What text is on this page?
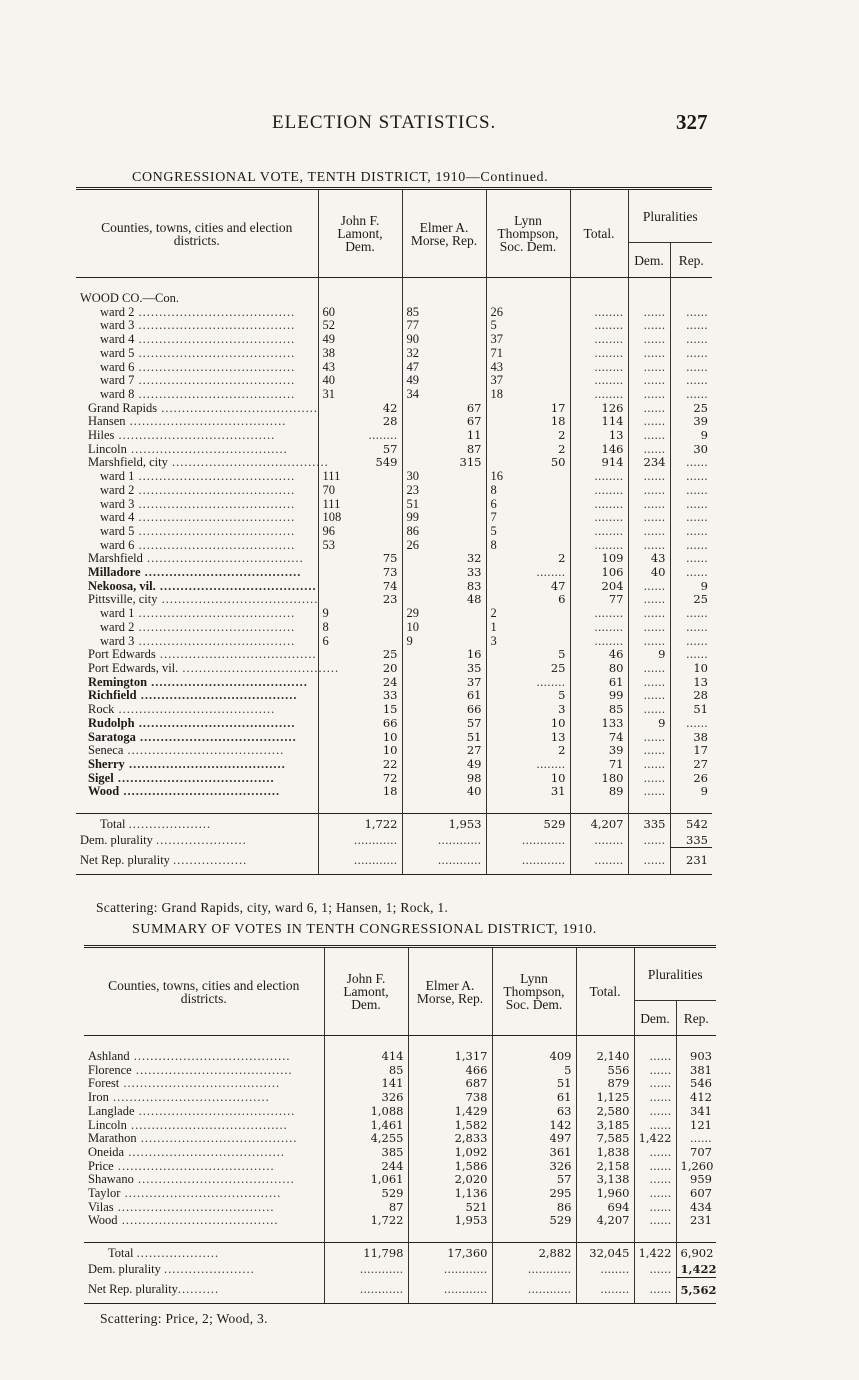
ELECTION STATISTICS.	327
CONGRESSIONAL VOTE, TENTH DISTRICT, 1910—Continued.
Counties, towns, cities and election districts.	John F. Lamont, Dem.	Elmer A. Morse, Rep.	Lynn Thompson, Soc. Dem.	Total.	Pluralities	
					Dem.	Rep.

WOOD CO.—Con.						
ward 2 ......................................	60	85	26	........	......	......
ward 3 ......................................	52	77	5	........	......	......
ward 4 ......................................	49	90	37	........	......	......
ward 5 ......................................	38	32	71	........	......	......
ward 6 ......................................	43	47	43	........	......	......
ward 7 ......................................	40	49	37	........	......	......
ward 8 ......................................	31	34	18	........	......	......
Grand Rapids ......................................	42	67	17	126	......	25
Hansen ......................................	28	67	18	114	......	39
Hiles ......................................	........	11	2	13	......	9
Lincoln ......................................	57	87	2	146	......	30
Marshfield, city ......................................	549	315	50	914	234	......
ward 1 ......................................	111	30	16	........	......	......
ward 2 ......................................	70	23	8	........	......	......
ward 3 ......................................	111	51	6	........	......	......
ward 4 ......................................	108	99	7	........	......	......
ward 5 ......................................	96	86	5	........	......	......
ward 6 ......................................	53	26	8	........	......	......
Marshfield ......................................	75	32	2	109	43	......
Milladore ......................................	73	33	........	106	40	......
Nekoosa, vil. ......................................	74	83	47	204	......	9
Pittsville, city ......................................	23	48	6	77	......	25
ward 1 ......................................	9	29	2	........	......	......
ward 2 ......................................	8	10	1	........	......	......
ward 3 ......................................	6	9	3	........	......	......
Port Edwards ......................................	25	16	5	46	9	......
Port Edwards, vil. ......................................	20	35	25	80	......	10
Remington ......................................	24	37	........	61	......	13
Richfield ......................................	33	61	5	99	......	28
Rock ......................................	15	66	3	85	......	51
Rudolph ......................................	66	57	10	133	9	......
Saratoga ......................................	10	51	13	74	......	38
Seneca ......................................	10	27	2	39	......	17
Sherry ......................................	22	49	........	71	......	27
Sigel ......................................	72	98	10	180	......	26
Wood ......................................	18	40	31	89	......	9

Total ....................	1,722	1,953	529	4,207	335	542
Dem. plurality ......................	............	............	............	........	......	335
Net Rep. plurality ..................	............	............	............	........	......	231
Scattering: Grand Rapids, city, ward 6, 1; Hansen, 1; Rock, 1.
SUMMARY OF VOTES IN TENTH CONGRESSIONAL DISTRICT, 1910.
Counties, towns, cities and election districts.	John F. Lamont, Dem.	Elmer A. Morse, Rep.	Lynn Thompson, Soc. Dem.	Total.	Pluralities	
					Dem.	Rep.

Ashland ......................................	414	1,317	409	2,140	......	903
Florence ......................................	85	466	5	556	......	381
Forest ......................................	141	687	51	879	......	546
Iron ......................................	326	738	61	1,125	......	412
Langlade ......................................	1,088	1,429	63	2,580	......	341
Lincoln ......................................	1,461	1,582	142	3,185	......	121
Marathon ......................................	4,255	2,833	497	7,585	1,422	......
Oneida ......................................	385	1,092	361	1,838	......	707
Price ......................................	244	1,586	326	2,158	......	1,260
Shawano ......................................	1,061	2,020	57	3,138	......	959
Taylor ......................................	529	1,136	295	1,960	......	607
Vilas ......................................	87	521	86	694	......	434
Wood ......................................	1,722	1,953	529	4,207	......	231

Total ....................	11,798	17,360	2,882	32,045	1,422	6,902
Dem. plurality ......................	............	............	............	........	......	1,422
Net Rep. plurality..........	............	............	............	........	......	5,562
Scattering: Price, 2; Wood, 3.
